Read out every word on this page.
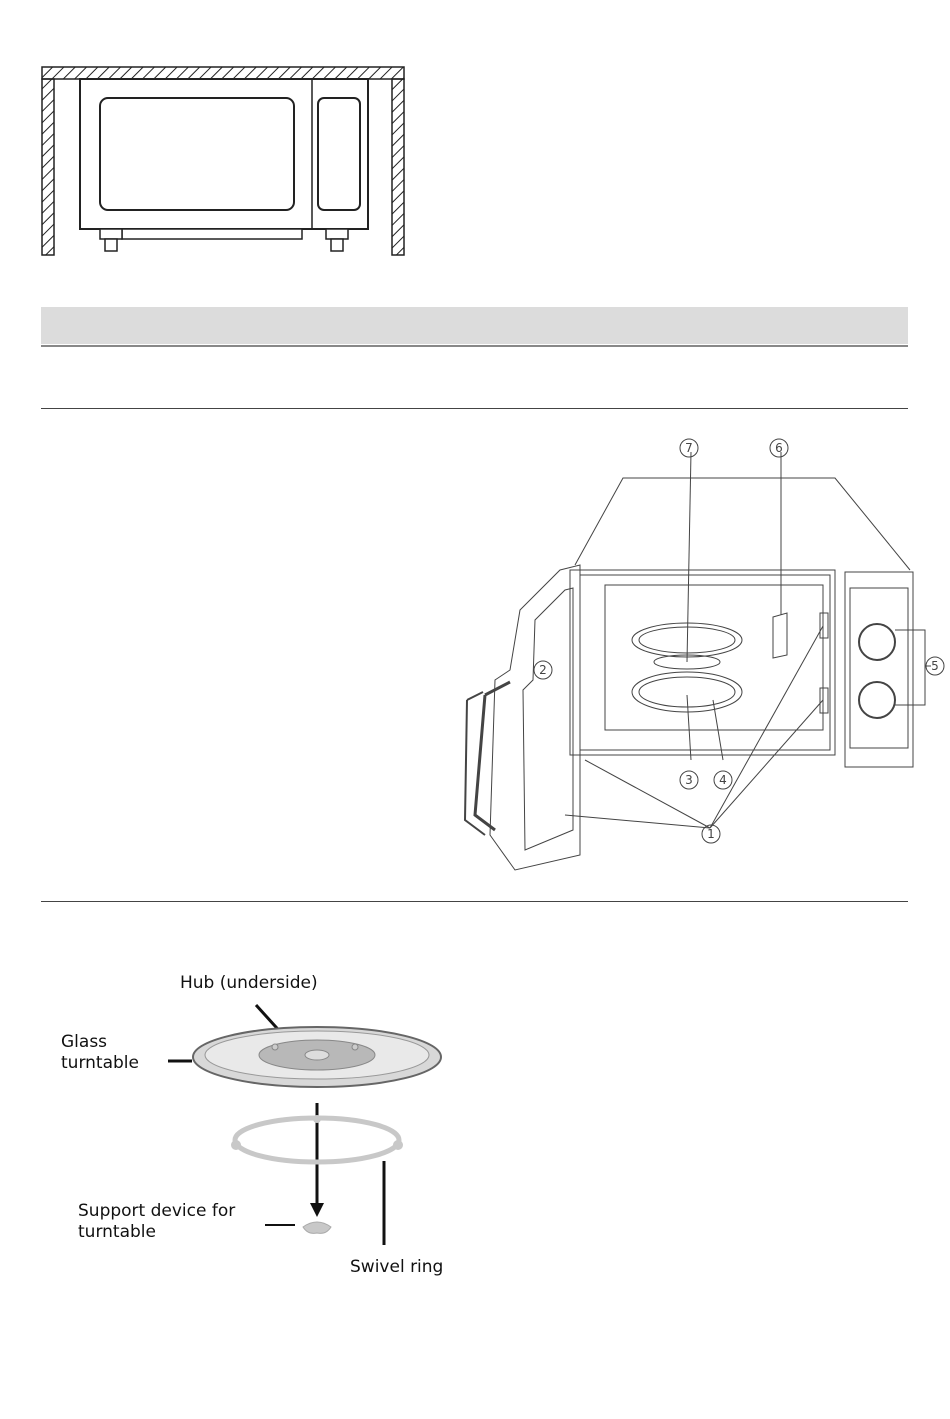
7	6
5
2
3 4
1
Hub (underside)
Glass
turntable
Support device for
turntable
Swivel ring
